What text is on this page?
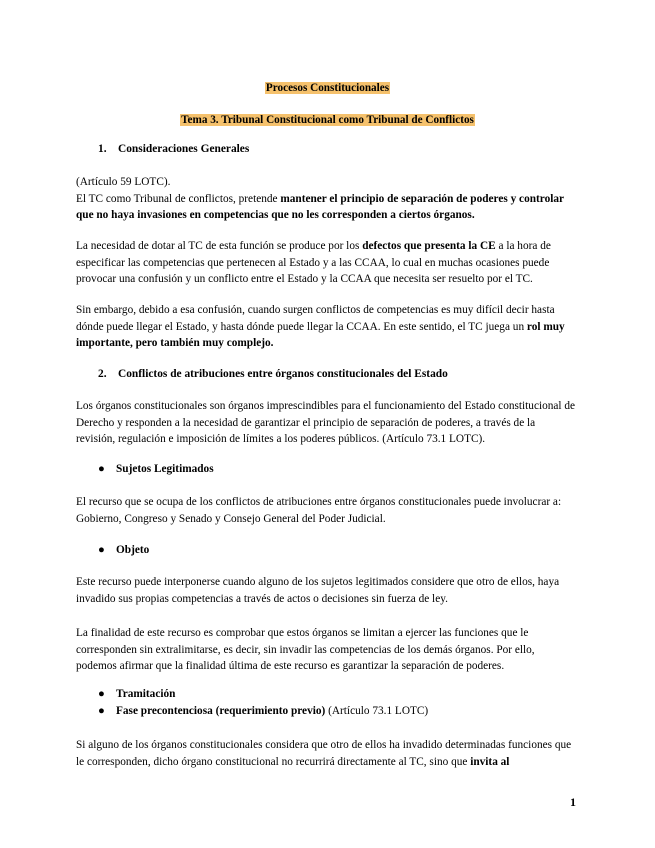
Procesos Constitucionales
Tema 3. Tribunal Constitucional como Tribunal de Conflictos
1. Consideraciones Generales

(Artículo 59 LOTC).
El TC como Tribunal de conflictos, pretende mantener el principio de separación de poderes y controlar que no haya invasiones en competencias que no les corresponden a ciertos órganos.

La necesidad de dotar al TC de esta función se produce por los defectos que presenta la CE a la hora de especificar las competencias que pertenecen al Estado y a las CCAA, lo cual en muchas ocasiones puede provocar una confusión y un conflicto entre el Estado y la CCAA que necesita ser resuelto por el TC.

Sin embargo, debido a esa confusión, cuando surgen conflictos de competencias es muy difícil decir hasta dónde puede llegar el Estado, y hasta dónde puede llegar la CCAA. En este sentido, el TC juega un rol muy importante, pero también muy complejo.

2. Conflictos de atribuciones entre órganos constitucionales del Estado

Los órganos constitucionales son órganos imprescindibles para el funcionamiento del Estado constitucional de Derecho y responden a la necesidad de garantizar el principio de separación de poderes, a través de la revisión, regulación e imposición de límites a los poderes públicos. (Artículo 73.1 LOTC).

● Sujetos Legitimados

El recurso que se ocupa de los conflictos de atribuciones entre órganos constitucionales puede involucrar a: Gobierno, Congreso y Senado y Consejo General del Poder Judicial.

● Objeto

Este recurso puede interponerse cuando alguno de los sujetos legitimados considere que otro de ellos, haya invadido sus propias competencias a través de actos o decisiones sin fuerza de ley.

La finalidad de este recurso es comprobar que estos órganos se limitan a ejercer las funciones que le corresponden sin extralimitarse, es decir, sin invadir las competencias de los demás órganos. Por ello, podemos afirmar que la finalidad última de este recurso es garantizar la separación de poderes.

● Tramitación
● Fase precontenciosa (requerimiento previo) (Artículo 73.1 LOTC)

Si alguno de los órganos constitucionales considera que otro de ellos ha invadido determinadas funciones que le corresponden, dicho órgano constitucional no recurrirá directamente al TC, sino que invita al

1
